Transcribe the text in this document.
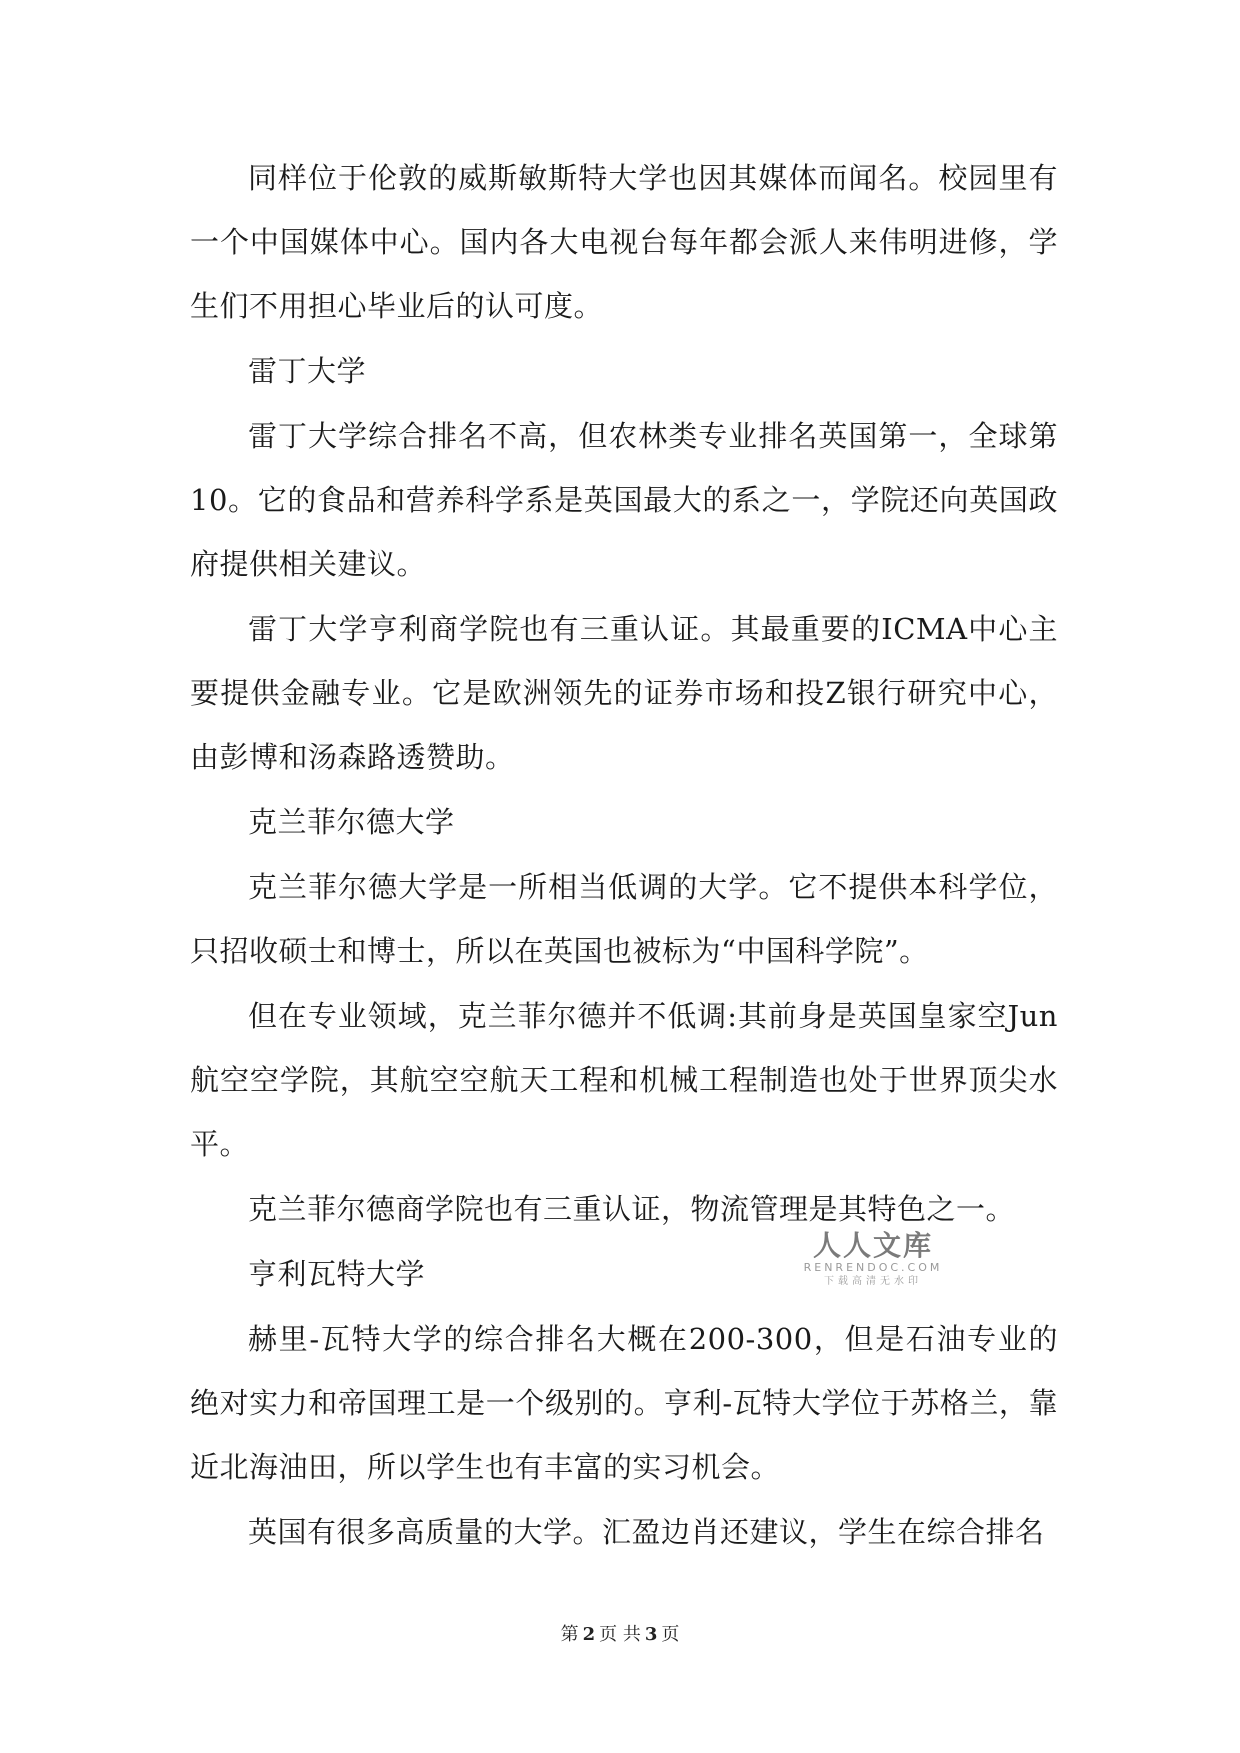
同样位于伦敦的威斯敏斯特大学也因其媒体而闻名。校园里有一个中国媒体中心。国内各大电视台每年都会派人来伟明进修，学生们不用担心毕业后的认可度。

雷丁大学

雷丁大学综合排名不高，但农林类专业排名英国第一，全球第10。它的食品和营养科学系是英国最大的系之一，学院还向英国政府提供相关建议。

雷丁大学亨利商学院也有三重认证。其最重要的ICMA中心主要提供金融专业。它是欧洲领先的证券市场和投Z银行研究中心，由彭博和汤森路透赞助。

克兰菲尔德大学

克兰菲尔德大学是一所相当低调的大学。它不提供本科学位，只招收硕士和博士，所以在英国也被标为“中国科学院”。

但在专业领域，克兰菲尔德并不低调:其前身是英国皇家空Jun航空空学院，其航空空航天工程和机械工程制造也处于世界顶尖水平。

克兰菲尔德商学院也有三重认证，物流管理是其特色之一。

亨利瓦特大学

赫里-瓦特大学的综合排名大概在200-300，但是石油专业的绝对实力和帝国理工是一个级别的。亨利-瓦特大学位于苏格兰，靠近北海油田，所以学生也有丰富的实习机会。

英国有很多高质量的大学。汇盈边肖还建议，学生在综合排名

人人文库
RENRENDOC.COM
下载高清无水印
第 2 页 共 3 页
